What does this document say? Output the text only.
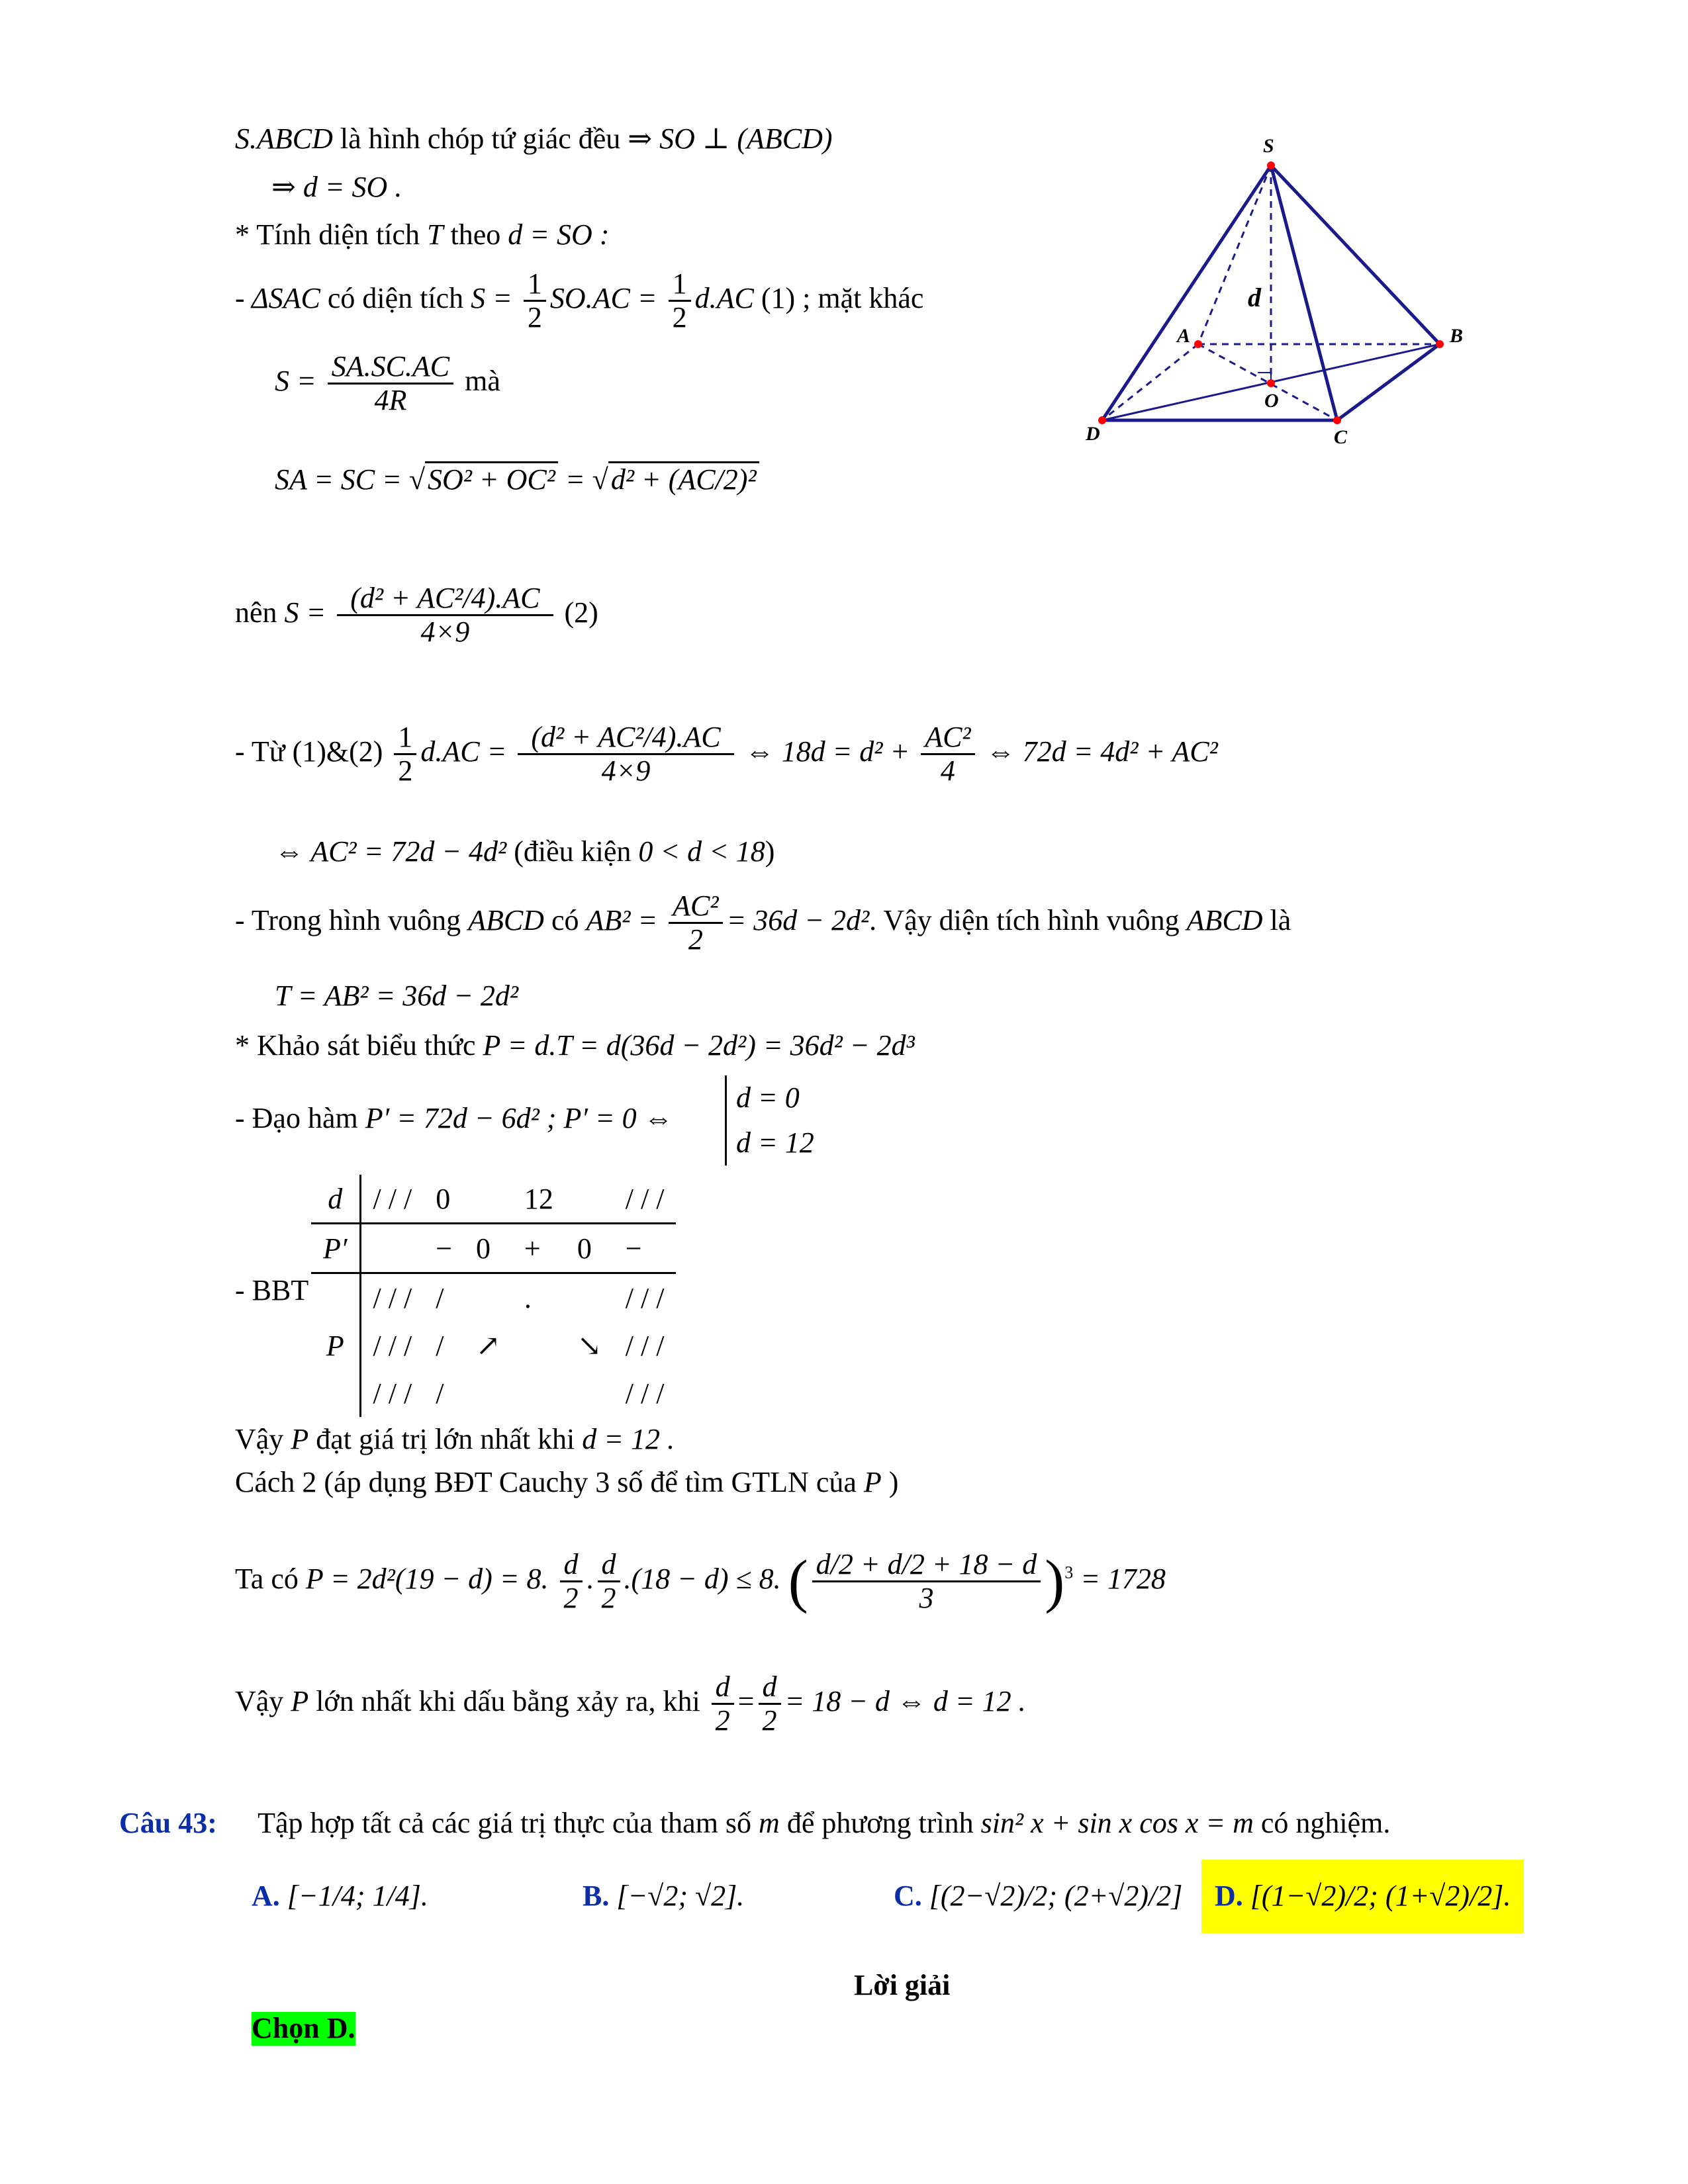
S.ABCD là hình chóp tứ giác đều ⇒ SO ⊥ (ABCD)
⇒ d = SO .
* Tính diện tích T theo d = SO :
- ΔSAC có diện tích $S = \frac{1}{2} SO.AC = \frac{1}{2} d.AC$ (1) ; mặt khác
$S = \frac{SA.SC.AC}{4R}$ mà
SA = SC = √SO² + OC² = √d² + (AC/2)²
nên $S = \frac{\text{(d² + AC²/4).AC}}{4\times 9} (2)$
- Từ (1)&(2) $\frac{1}{2} d.AC = \frac{\text{(d² + AC²/4).AC}}{4\times 9}$ ⇔ $18d = d^2 + \frac{\text{AC²}}{4}$ ⇔ 72d = 4d² + AC²
⇔ AC² = 72d − 4d² (điều kiện 0 < d < 18)
- Trong hình vuông ABCD có $AB^2 = \frac{\text{AC²}}{2} = 36d - 2d^2$. Vậy diện tích hình vuông ABCD là
T = AB² = 36d − 2d²
* Khảo sát biểu thức P = d.T = d(36d − 2d²) = 36d² − 2d³
- Đạo hàm P′ = 72d − 6d² ; P′ = 0 ⇔
d = 0
d = 12
- BBT
d	/ / /	0		12		/ / /
P′		−	0	+	0	−
	/ / /	/		.		/ / /
P	/ / /	/	↗		↘	/ / /
	/ / /	/				/ / /
Vậy P đạt giá trị lớn nhất khi d = 12 .
Cách 2 (áp dụng BĐT Cauchy 3 số để tìm GTLN của P )
Ta có P = 2d²(19 − d) = 8. $\frac{d}{2}$ . $\frac{d}{2} .(18 - d) \le 8$. ( $\frac{d/2 + d/2 + 18 - d}{3} )^3 = 1728$
Vậy P lớn nhất khi dấu bằng xảy ra, khi $\frac{d}{2} = \frac{d}{2} = 18 - d$ ⇔ d = 12 .
S
A	B
C
D
O
d
Câu 43: Tập hợp tất cả các giá trị thực của tham số m để phương trình sin² x + sin x cos x = m có nghiệm.
A. [−1/4; 1/4].	B. [−√2; √2].	C. [(2−√2)/2; (2+√2)/2]	D. [(1−√2)/2; (1+√2)/2].
Lời giải
Chọn D.
